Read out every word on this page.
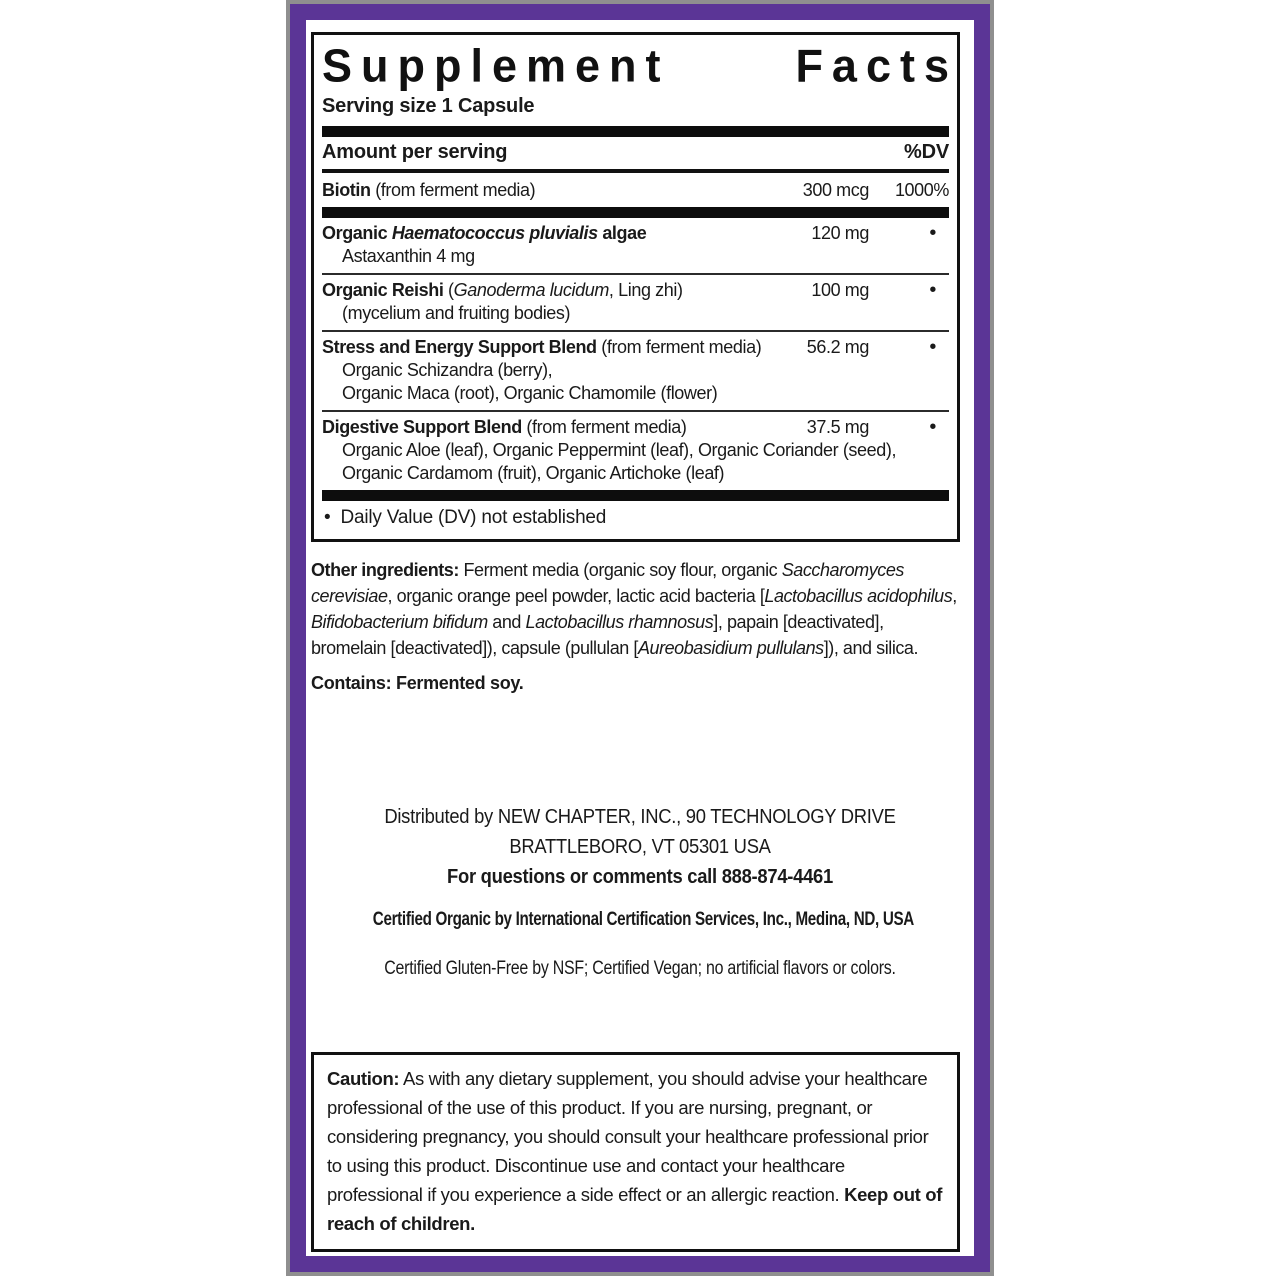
Supplement	Facts
Serving size 1 Capsule
Amount per serving	%DV
Biotin (from ferment media)	300 mcg	1000%
Organic Haematococcus pluvialis algae	120 mg	•
Astaxanthin 4 mg
Organic Reishi (Ganoderma lucidum, Ling zhi)	100 mg	•
(mycelium and fruiting bodies)
Stress and Energy Support Blend (from ferment media)	56.2 mg	•
Organic Schizandra (berry),
Organic Maca (root), Organic Chamomile (flower)
Digestive Support Blend (from ferment media)	37.5 mg	•
Organic Aloe (leaf), Organic Peppermint (leaf), Organic Coriander (seed),
Organic Cardamom (fruit), Organic Artichoke (leaf)
• Daily Value (DV) not established

Other ingredients: Ferment media (organic soy flour, organic Saccharomyces cerevisiae, organic orange peel powder, lactic acid bacteria [Lactobacillus acidophilus, Bifidobacterium bifidum and Lactobacillus rhamnosus], papain [deactivated], bromelain [deactivated]), capsule (pullulan [Aureobasidium pullulans]), and silica.

Contains: Fermented soy.

Distributed by NEW CHAPTER, INC., 90 TECHNOLOGY DRIVE
BRATTLEBORO, VT 05301 USA
For questions or comments call 888-874-4461
Certified Organic by International Certification Services, Inc., Medina, ND, USA
Certified Gluten-Free by NSF; Certified Vegan; no artificial flavors or colors.
Caution: As with any dietary supplement, you should advise your healthcare professional of the use of this product. If you are nursing, pregnant, or considering pregnancy, you should consult your healthcare professional prior to using this product. Discontinue use and contact your healthcare professional if you experience a side effect or an allergic reaction. Keep out of reach of children.
